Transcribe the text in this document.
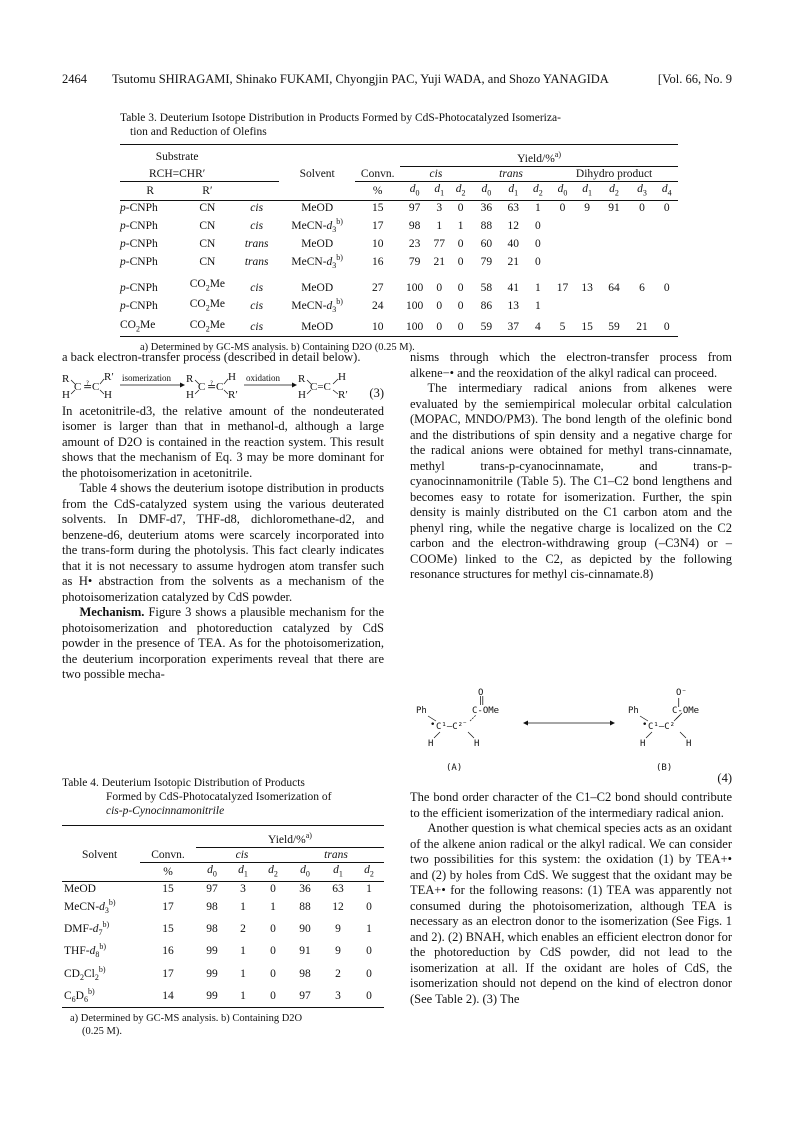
2464	Tsutomu SHIRAGAMI, Shinako FUKAMI, Chyongjin PAC, Yuji WADA, and Shozo YANAGIDA	[Vol. 66, No. 9
Table 3. Deuterium Isotope Distribution in Products Formed by CdS-Photocatalyzed Isomeriza-
tion and Reduction of Olefins
Substrate					Yield/%$^{a)}$
RCH=CHR′			Solvent	Convn.	cis			trans			Dihydro product				
R	R′			%	$d_0$	$d_1$	$d_2$	$d_0$	$d_1$	$d_2$	$d_0$	$d_1$	$d_2$	$d_3$	$d_4$
p-CNPh	CN	cis	MeOD	15	97	3	0	36	63	1	0	9	91	0	0
p-CNPh	CN	cis	MeCN-$d_3^{b)}$	17	98	1	1	88	12	0					
p-CNPh	CN	trans	MeOD	10	23	77	0	60	40	0					
p-CNPh	CN	trans	MeCN-$d_3^{b)}$	16	79	21	0	79	21	0					
p-CNPh	$CO_2Me$	cis	MeOD	27	100	0	0	58	41	1	17	13	64	6	0
p-CNPh	$CO_2Me$	cis	MeCN-$d_3^{b)}$	24	100	0	0	86	13	1					
$CO_2Me$	$CO_2Me$	cis	MeOD	10	100	0	0	59	37	4	5	15	59	21	0
a) Determined by GC-MS analysis. b) Containing D2O (0.25 M).

a back electron-transfer process (described in detail below).

R
H
C ≟ C
R′
H
isomerization R
H
C ≟ C
H
R′
oxidation R
H
C=C
H
R′ (3)

In acetonitrile-d3, the relative amount of the nondeuterated isomer is larger than that in methanol-d, although a large amount of D2O is contained in the reaction system. This result shows that the mechanism of Eq. 3 may be more dominant for the photoisomerization in acetonitrile.

Table 4 shows the deuterium isotope distribution in products from the CdS-catalyzed system using the various deuterated solvents. In DMF-d7, THF-d8, dichloromethane-d2, and benzene-d6, deuterium atoms were scarcely incorporated into the trans-form during the photolysis. This fact clearly indicates that it is not necessary to assume hydrogen atom transfer such as H• abstraction from the solvents as a mechanism of the photoisomerization catalyzed by CdS powder.

Mechanism. Figure 3 shows a plausible mechanism for the photoisomerization and photoreduction catalyzed by CdS powder in the presence of TEA. As for the photoisomerization, the deuterium incorporation experiments reveal that there are two possible mecha-

Table 4. Deuterium Isotopic Distribution of Products
Formed by CdS-Photocatalyzed Isomerization of
cis-p-Cynocinnamonitrile
		Yield/%$^{a)}$
Solvent	Convn.	cis			trans		
	%	$d_0$	$d_1$	$d_2$	$d_0$	$d_1$	$d_2$
MeOD	15	97	3	0	36	63	1
MeCN-$d_3^{b)}$	17	98	1	1	88	12	0
DMF-$d_7^{b)}$	15	98	2	0	90	9	1
THF-$d_8^{b)}$	16	99	1	0	91	9	0
$CD_2Cl_2^{b)}$	17	99	1	0	98	2	0
$C_6D_6^{b)}$	14	99	1	0	97	3	0
a) Determined by GC-MS analysis. b) Containing D2O
(0.25 M).

nisms through which the electron-transfer process from alkene−• and the reoxidation of the alkyl radical can proceed.

The intermediary radical anions from alkenes were evaluated by the semiempirical molecular orbital calculation (MOPAC, MNDO/PM3). The bond length of the olefinic bond and the distributions of spin density and a negative charge for the radical anions were obtained for methyl trans-cinnamate, methyl trans-p-cyanocinnamate, and trans-p-cyanocinnamonitrile (Table 5). The C1–C2 bond lengthens and becomes easy to rotate for isomerization. Further, the spin density is mainly distributed on the C1 carbon atom and the phenyl ring, while the negative charge is localized on the C2 carbon and the electron-withdrawing group (–C3N4) or –COOMe) linked to the C2, as depicted by the following resonance structures for methyl cis-cinnamate.8)

O
‖
Ph	C-OMe
• C¹—C²
⁻
H	H
O⁻
|
Ph	C-OMe
• C¹—C²
H	H
(A)	(B)
(4)

The bond order character of the C1–C2 bond should contribute to the efficient isomerization of the intermediary radical anion.

Another question is what chemical species acts as an oxidant of the alkene anion radical or the alkyl radical. We can consider two possibilities for this system: the oxidation (1) by TEA+• and (2) by holes from CdS. We suggest that the oxidant may be TEA+• for the following reasons: (1) TEA was apparently not consumed during the photoisomerization, although TEA is necessary as an electron donor to the isomerization (See Figs. 1 and 2). (2) BNAH, which enables an efficient electron donor for the photoreduction by CdS powder, did not lead to the isomerization at all. If the oxidant are holes of CdS, the isomerization should not depend on the kind of electron donor (See Table 2). (3) The
